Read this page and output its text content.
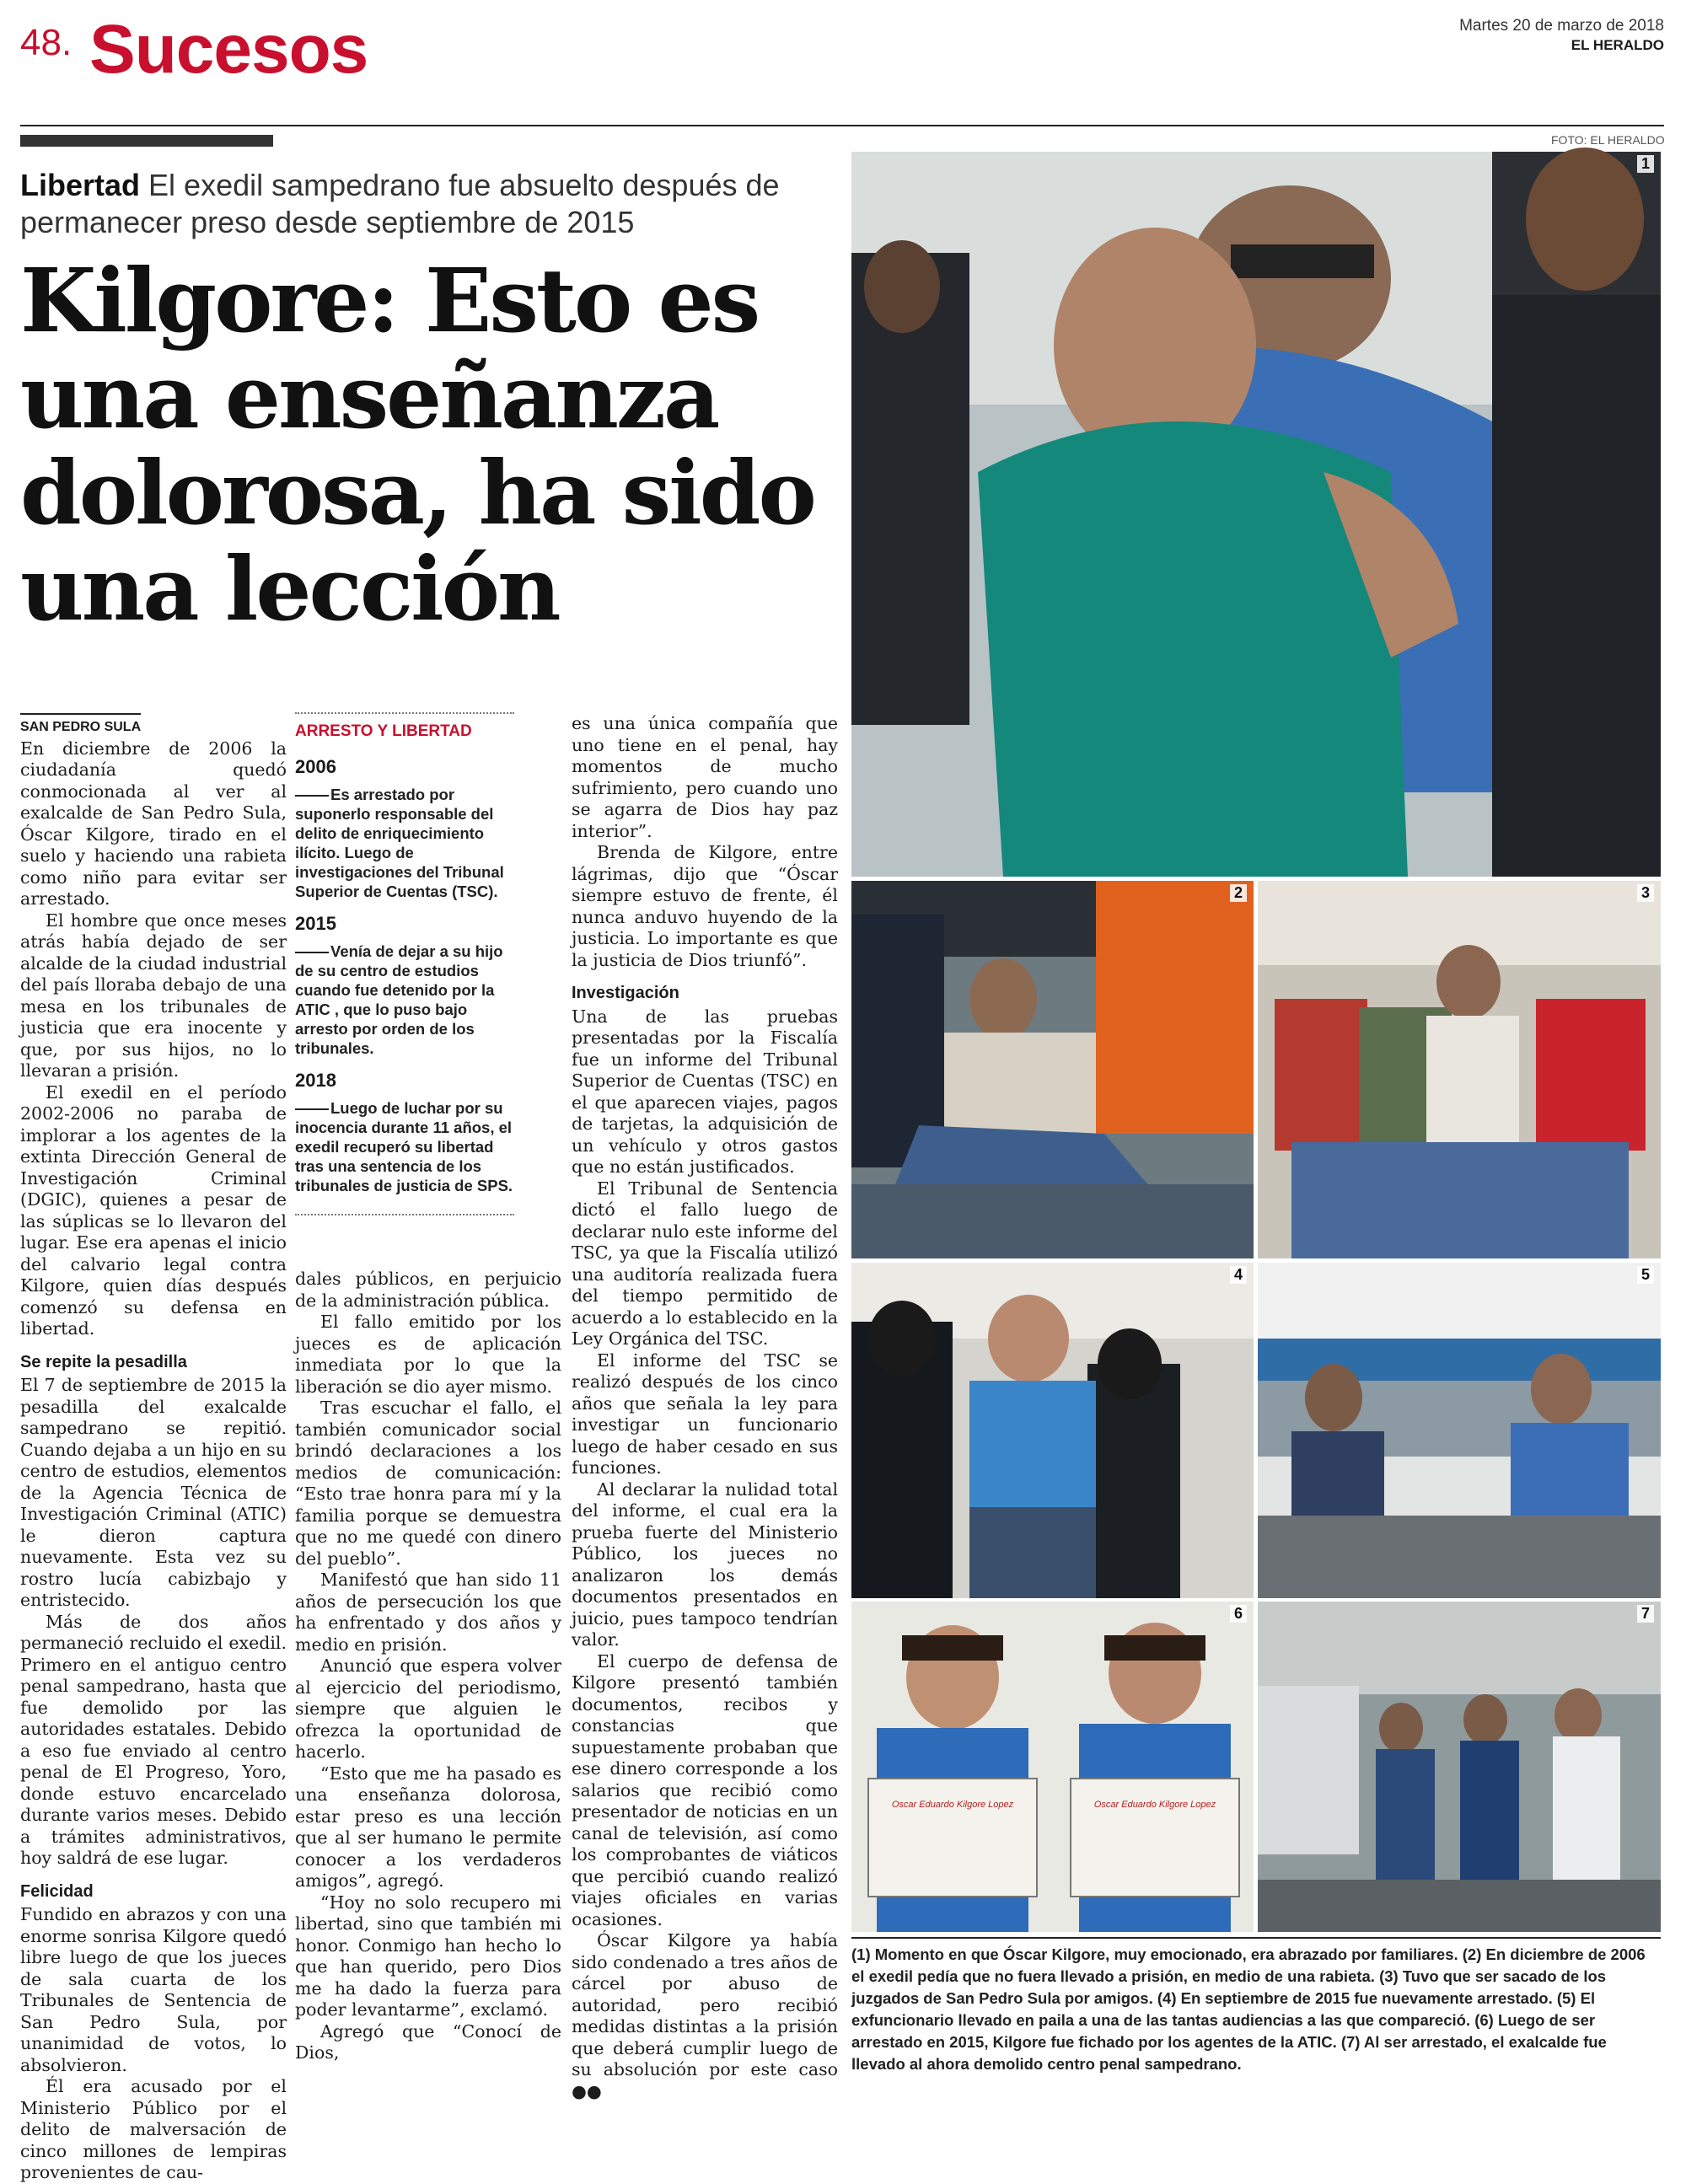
48. Sucesos	Martes 20 de marzo de 2018
EL HERALDO
Libertad El exedil sampedrano fue absuelto después de permanecer preso desde septiembre de 2015
Kilgore: Esto es una enseñanza dolorosa, ha sido una lección
FOTO: EL HERALDO
1
2	3
4	5
Oscar Eduardo Kilgore Lopez	Oscar Eduardo Kilgore Lopez
6	7
SAN PEDRO SULA

En diciembre de 2006 la ciudadanía quedó conmocionada al ver al exalcalde de San Pedro Sula, Óscar Kilgore, tirado en el suelo y haciendo una rabieta como niño para evitar ser arrestado.

El hombre que once meses atrás había dejado de ser alcalde de la ciudad industrial del país lloraba debajo de una mesa en los tribunales de justicia que era inocente y que, por sus hijos, no lo llevaran a prisión.

El exedil en el período 2002-2006 no paraba de implorar a los agentes de la extinta Dirección General de Investigación Criminal (DGIC), quienes a pesar de las súplicas se lo llevaron del lugar. Ese era apenas el inicio del calvario legal contra Kilgore, quien días después comenzó su defensa en libertad.

Se repite la pesadilla

El 7 de septiembre de 2015 la pesadilla del exalcalde sampedrano se repitió. Cuando dejaba a un hijo en su centro de estudios, elementos de la Agencia Técnica de Investigación Criminal (ATIC) le dieron captura nuevamente. Esta vez su rostro lucía cabizbajo y entristecido.

Más de dos años permaneció recluido el exedil. Primero en el antiguo centro penal sampedrano, hasta que fue demolido por las autoridades estatales. Debido a eso fue enviado al centro penal de El Progreso, Yoro, donde estuvo encarcelado durante varios meses. Debido a trámites administrativos, hoy saldrá de ese lugar.

Felicidad

Fundido en abrazos y con una enorme sonrisa Kilgore quedó libre luego de que los jueces de sala cuarta de los Tribunales de Sentencia de San Pedro Sula, por unanimidad de votos, lo absolvieron.

Él era acusado por el Ministerio Público por el delito de malversación de cinco millones de lempiras provenientes de cau-

ARRESTO Y LIBERTAD
2006
Es arrestado por suponerlo responsable del delito de enriquecimiento ilícito. Luego de investigaciones del Tribunal Superior de Cuentas (TSC).
2015
Venía de dejar a su hijo de su centro de estudios cuando fue detenido por la ATIC , que lo puso bajo arresto por orden de los tribunales.
2018
Luego de luchar por su inocencia durante 11 años, el exedil recuperó su libertad tras una sentencia de los tribunales de justicia de SPS.

dales públicos, en perjuicio de la administración pública.

El fallo emitido por los jueces es de aplicación inmediata por lo que la liberación se dio ayer mismo.

Tras escuchar el fallo, el también comunicador social brindó declaraciones a los medios de comunicación: “Esto trae honra para mí y la familia porque se demuestra que no me quedé con dinero del pueblo”.

Manifestó que han sido 11 años de persecución los que ha enfrentado y dos años y medio en prisión.

Anunció que espera volver al ejercicio del periodismo, siempre que alguien le ofrezca la oportunidad de hacerlo.

“Esto que me ha pasado es una enseñanza dolorosa, estar preso es una lección que al ser humano le permite conocer a los verdaderos amigos”, agregó.

“Hoy no solo recupero mi libertad, sino que también mi honor. Conmigo han hecho lo que han querido, pero Dios me ha dado la fuerza para poder levantarme”, exclamó.

Agregó que “Conocí de Dios,

es una única compañía que uno tiene en el penal, hay momentos de mucho sufrimiento, pero cuando uno se agarra de Dios hay paz interior”.

Brenda de Kilgore, entre lágrimas, dijo que “Óscar siempre estuvo de frente, él nunca anduvo huyendo de la justicia. Lo importante es que la justicia de Dios triunfó”.

Investigación

Una de las pruebas presentadas por la Fiscalía fue un informe del Tribunal Superior de Cuentas (TSC) en el que aparecen viajes, pagos de tarjetas, la adquisición de un vehículo y otros gastos que no están justificados.

El Tribunal de Sentencia dictó el fallo luego de declarar nulo este informe del TSC, ya que la Fiscalía utilizó una auditoría realizada fuera del tiempo permitido de acuerdo a lo establecido en la Ley Orgánica del TSC.

El informe del TSC se realizó después de los cinco años que señala la ley para investigar un funcionario luego de haber cesado en sus funciones.

Al declarar la nulidad total del informe, el cual era la prueba fuerte del Ministerio Público, los jueces no analizaron los demás documentos presentados en juicio, pues tampoco tendrían valor.

El cuerpo de defensa de Kilgore presentó también documentos, recibos y constancias que supuestamente probaban que ese dinero corresponde a los salarios que recibió como presentador de noticias en un canal de televisión, así como los comprobantes de viáticos que percibió cuando realizó viajes oficiales en varias ocasiones.

Óscar Kilgore ya había sido condenado a tres años de cárcel por abuso de autoridad, pero recibió medidas distintas a la prisión que deberá cumplir luego de su absolución por este caso ●●

(1) Momento en que Óscar Kilgore, muy emocionado, era abrazado por familiares. (2) En diciembre de 2006 el exedil pedía que no fuera llevado a prisión, en medio de una rabieta. (3) Tuvo que ser sacado de los juzgados de San Pedro Sula por amigos. (4) En septiembre de 2015 fue nuevamente arrestado. (5) El exfuncionario llevado en paila a una de las tantas audiencias a las que compareció. (6) Luego de ser arrestado en 2015, Kilgore fue fichado por los agentes de la ATIC. (7) Al ser arrestado, el exalcalde fue llevado al ahora demolido centro penal sampedrano.
